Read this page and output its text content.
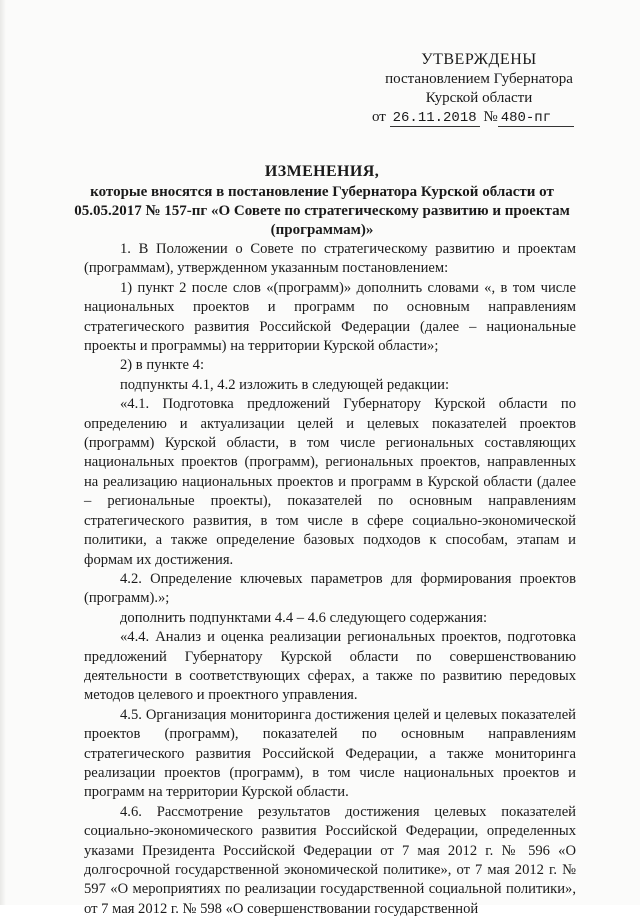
УТВЕРЖДЕНЫ
постановлением Губернатора
Курской области
от 26.11.2018 № 480-пг
ИЗМЕНЕНИЯ,
которые вносятся в постановление Губернатора Курской области от 05.05.2017 № 157-пг «О Совете по стратегическому развитию и проектам (программам)»

1. В Положении о Совете по стратегическому развитию и проектам (программам), утвержденном указанным постановлением:

1) пункт 2 после слов «(программ)» дополнить словами «, в том числе национальных проектов и программ по основным направлениям стратегического развития Российской Федерации (далее – национальные проекты и программы) на территории Курской области»;

2) в пункте 4:

подпункты 4.1, 4.2 изложить в следующей редакции:

«4.1. Подготовка предложений Губернатору Курской области по определению и актуализации целей и целевых показателей проектов (программ) Курской области, в том числе региональных составляющих национальных проектов (программ), региональных проектов, направленных на реализацию национальных проектов и программ в Курской области (далее – региональные проекты), показателей по основным направлениям стратегического развития, в том числе в сфере социально-экономической политики, а также определение базовых подходов к способам, этапам и формам их достижения.

4.2. Определение ключевых параметров для формирования проектов (программ).»;

дополнить подпунктами 4.4 – 4.6 следующего содержания:

«4.4. Анализ и оценка реализации региональных проектов, подготовка предложений Губернатору Курской области по совершенствованию деятельности в соответствующих сферах, а также по развитию передовых методов целевого и проектного управления.

4.5. Организация мониторинга достижения целей и целевых показателей проектов (программ), показателей по основным направлениям стратегического развития Российской Федерации, а также мониторинга реализации проектов (программ), в том числе национальных проектов и программ на территории Курской области.

4.6. Рассмотрение результатов достижения целевых показателей социально-экономического развития Российской Федерации, определенных указами Президента Российской Федерации от 7 мая 2012 г. № 596 «О долгосрочной государственной экономической политике», от 7 мая 2012 г. № 597 «О мероприятиях по реализации государственной социальной политики», от 7 мая 2012 г. № 598 «О совершенствовании государственной
